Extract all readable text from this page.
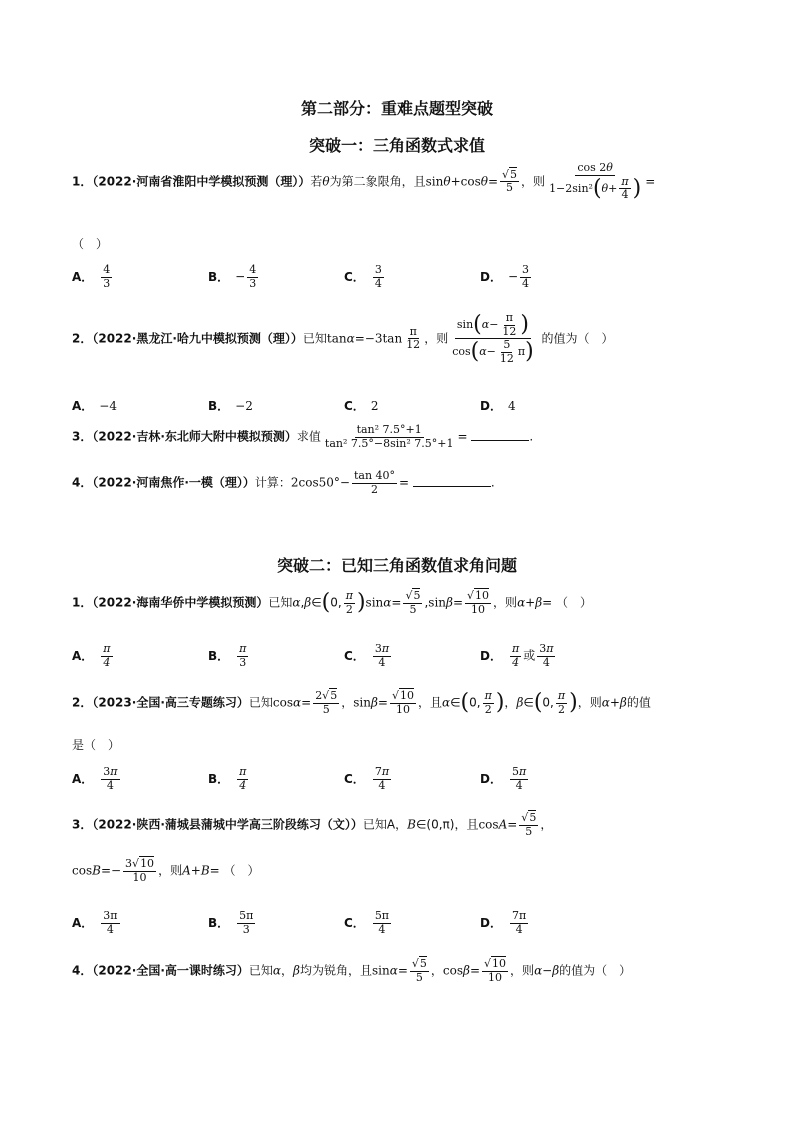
第二部分：重难点题型突破
突破一：三角函数式求值
1．（2022·河南省淮阳中学模拟预测（理））若θ为第二象限角，且$\sin\theta+\cos\theta= \frac{√5}{5}$ ，则 $\frac{\cos 2\theta}{1-2\sin^2(\theta+ \frac{\pi}{4} )}$ =
（　）
A． $\frac{4}{3}$	B． − $\frac{4}{3}$	C． $\frac{3}{4}$	D． − $\frac{3}{4}$
2．（2022·黑龙江·哈九中模拟预测（理））已知$\tan\alpha=-3\tan \frac{\pi}{12}$ ，则 $\frac{\sin(\alpha- \frac{\pi}{12} )}{\cos(\alpha- \frac{5}{12} \pi)}$ 的值为（　）
A． −4	B． −2	C． 2	D． 4
3．（2022·吉林·东北师大附中模拟预测）求值 $\frac{\text{tan² 7.5°+1}}{\text{tan² 7.5°−8sin² 7.5°+1}}$ =	.
4．（2022·河南焦作·一模（理））计算：$2\cos 50^\circ- \frac{\tan 40^\circ}{2}$ =	.
突破二：已知三角函数值求角问题
1．（2022·海南华侨中学模拟预测）已知α,β∈(0, $\frac{\pi}{2} )\sin\alpha= \frac{√5}{5} ,\sin\beta= \frac{√10}{10}$ ，则α+β= （　）
A． $\frac{\pi}{4}$	B． $\frac{\pi}{3}$	C． $\frac{3\pi}{4}$	D． $\frac{\pi}{4}$ 或 $\frac{3\pi}{4}$
2．（2023·全国·高三专题练习）已知$\cos\alpha= \frac{2√5}{5}$ ，$\sin\beta= \frac{√10}{10}$ ，且α∈(0, $\frac{\pi}{2}$ )，β∈(0, $\frac{\pi}{2}$ )，则α+β的值
是（　）
A． $\frac{3\pi}{4}$	B． $\frac{\pi}{4}$	C． $\frac{7\pi}{4}$	D． $\frac{5\pi}{4}$
3．（2022·陕西·蒲城县蒲城中学高三阶段练习（文））已知A，B∈(0,π)，且$\cos A= \frac{√5}{5}$ ，
$\cos B=- \frac{3√10}{10}$ ，则A+B= （　）
A． $\frac{3\pi}{4}$	B． $\frac{5\pi}{3}$	C． $\frac{5\pi}{4}$	D． $\frac{7\pi}{4}$
4．（2022·全国·高一课时练习）已知α，β均为锐角，且$\sin\alpha= \frac{√5}{5}$ ，$\cos\beta= \frac{√10}{10}$ ，则α−β的值为（　）
